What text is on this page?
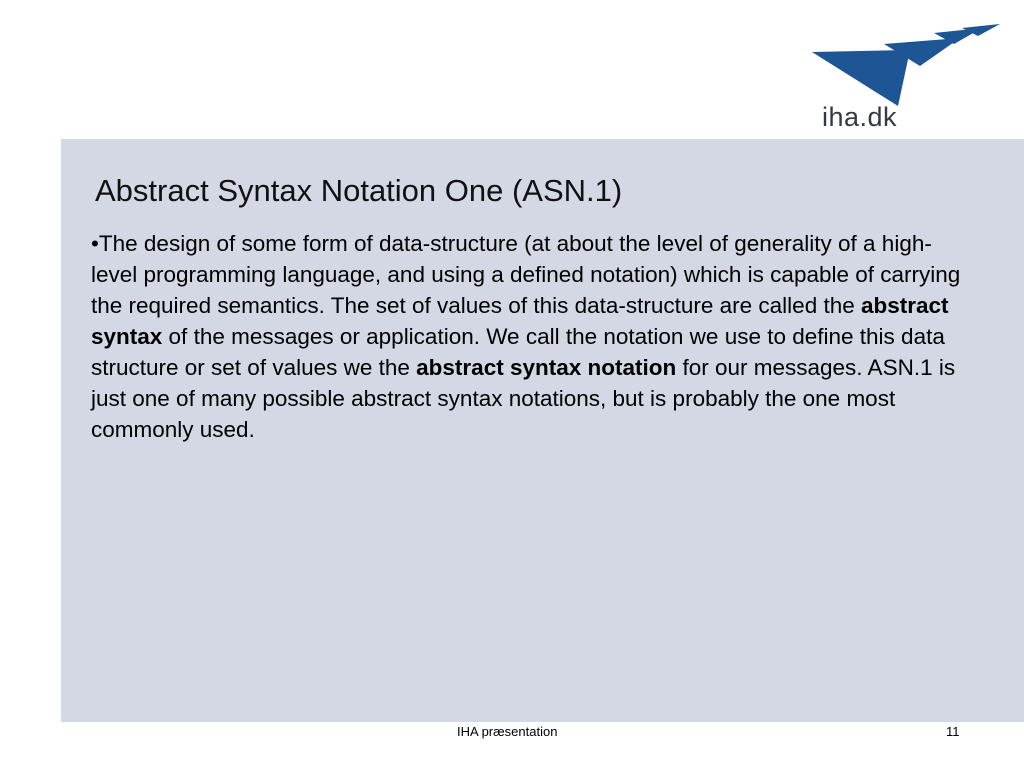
iha.dk
Abstract Syntax Notation One (ASN.1)

•The design of some form of data-structure (at about the level of generality of a high-level programming language, and using a defined notation) which is capable of carrying the required semantics. The set of values of this data-structure are called the abstract syntax of the messages or application. We call the notation we use to define this data structure or set of values we the abstract syntax notation for our messages. ASN.1 is just one of many possible abstract syntax notations, but is probably the one most commonly used.

IHA præsentation	11
